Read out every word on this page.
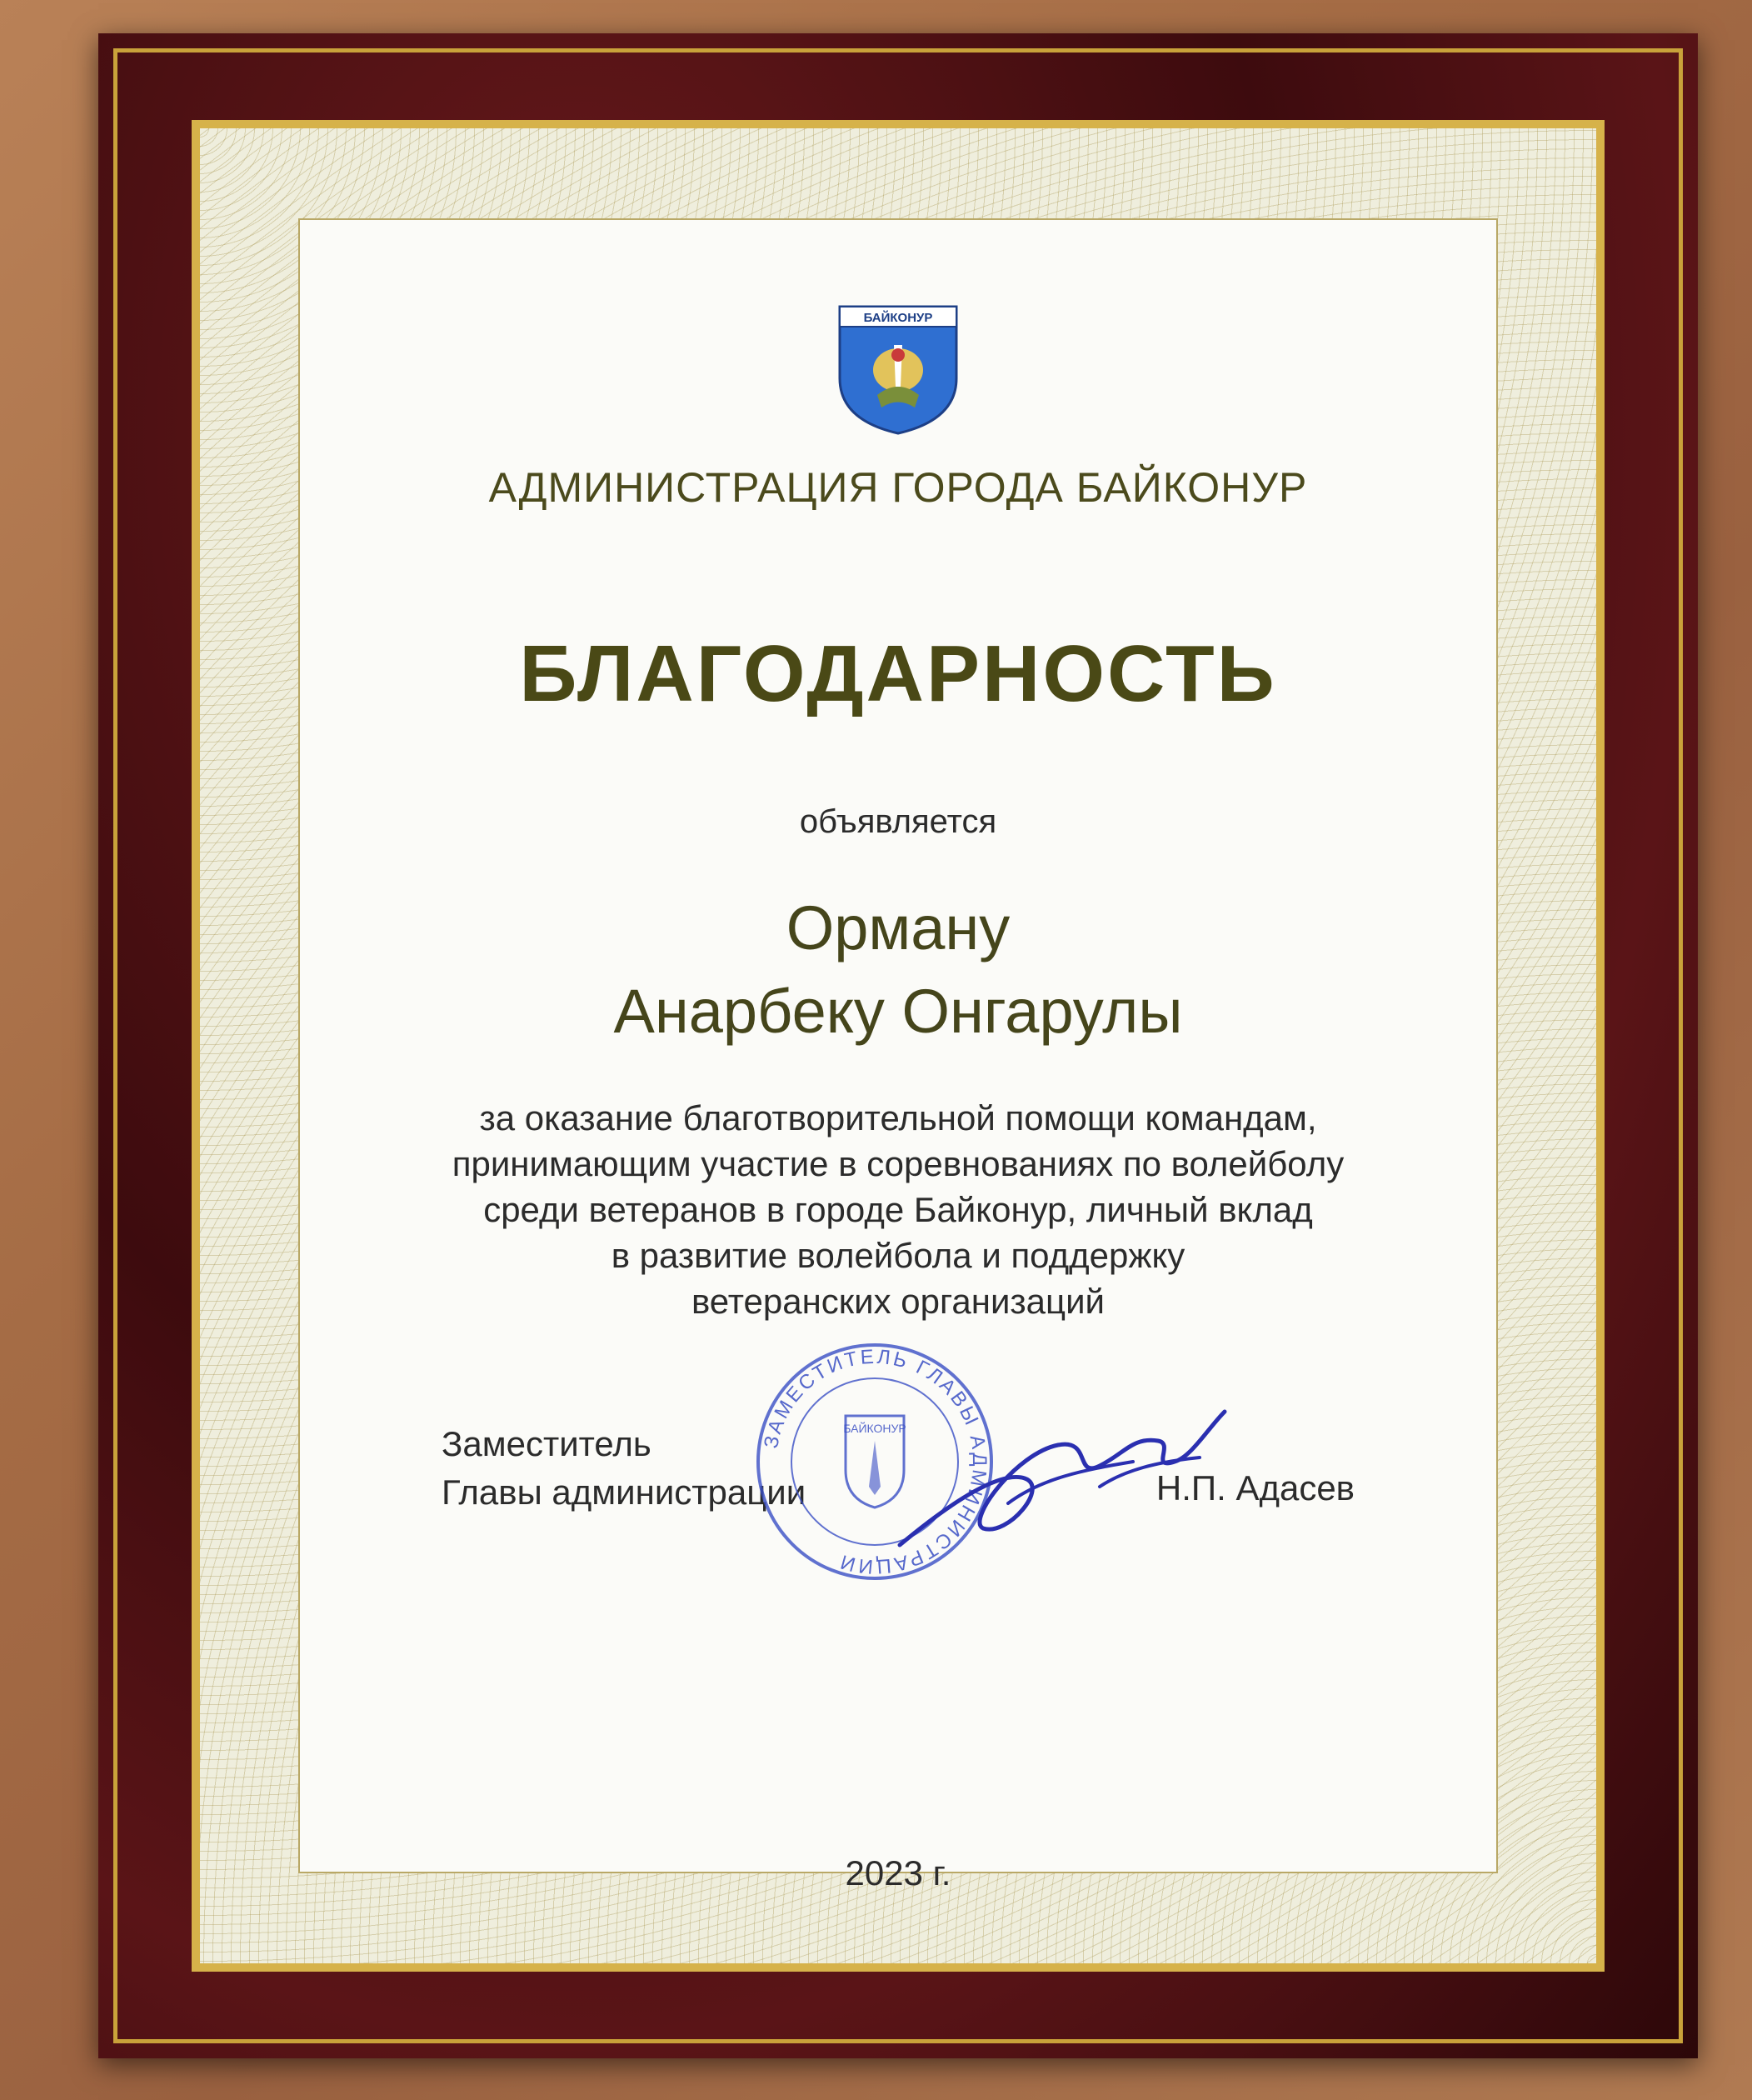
БАЙКОНУР
АДМИНИСТРАЦИЯ ГОРОДА БАЙКОНУР
БЛАГОДАРНОСТЬ
объявляется
Орману
Анарбеку Онгарулы
за оказание благотворительной помощи командам,
принимающим участие в соревнованиях по волейболу
среди ветеранов в городе Байконур, личный вклад
в развитие волейбола и поддержку
ветеранских организаций
Заместитель
Главы администрации
ЗАМЕСТИТЕЛЬ ГЛАВЫ АДМИНИСТРАЦИИ
БАЙКОНУР
Н.П. Адасев
2023 г.
